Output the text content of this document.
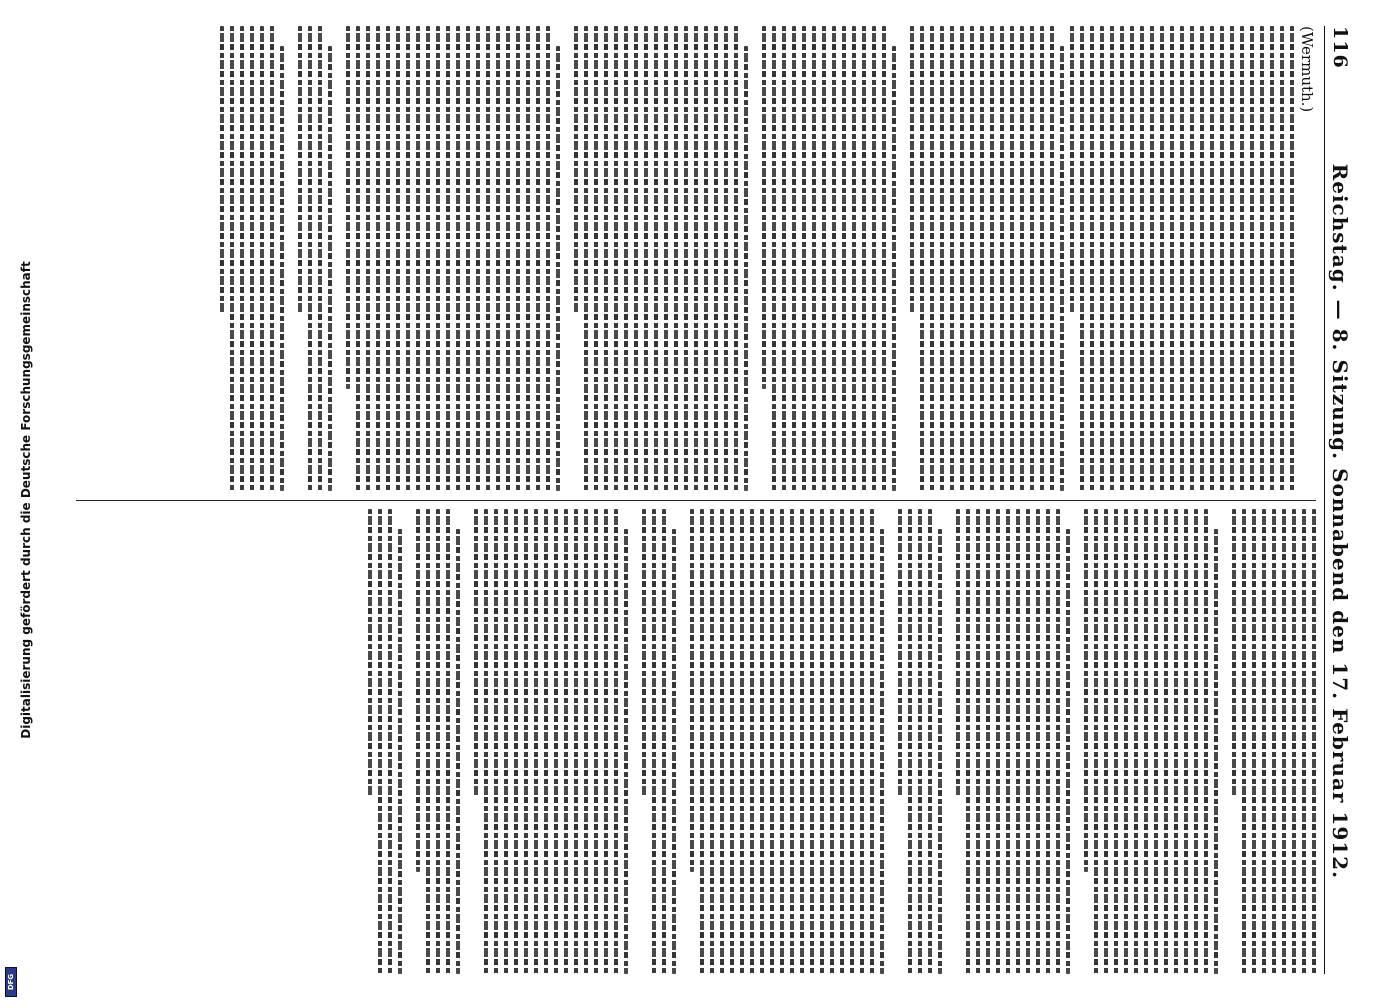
Digitalisierung gefördert durch die Deutsche Forschungsgemeinschaft
DFG
116
Reichstag. — 8. Sitzung. Sonnabend den 17. Februar 1912.
(Wermuth.)
